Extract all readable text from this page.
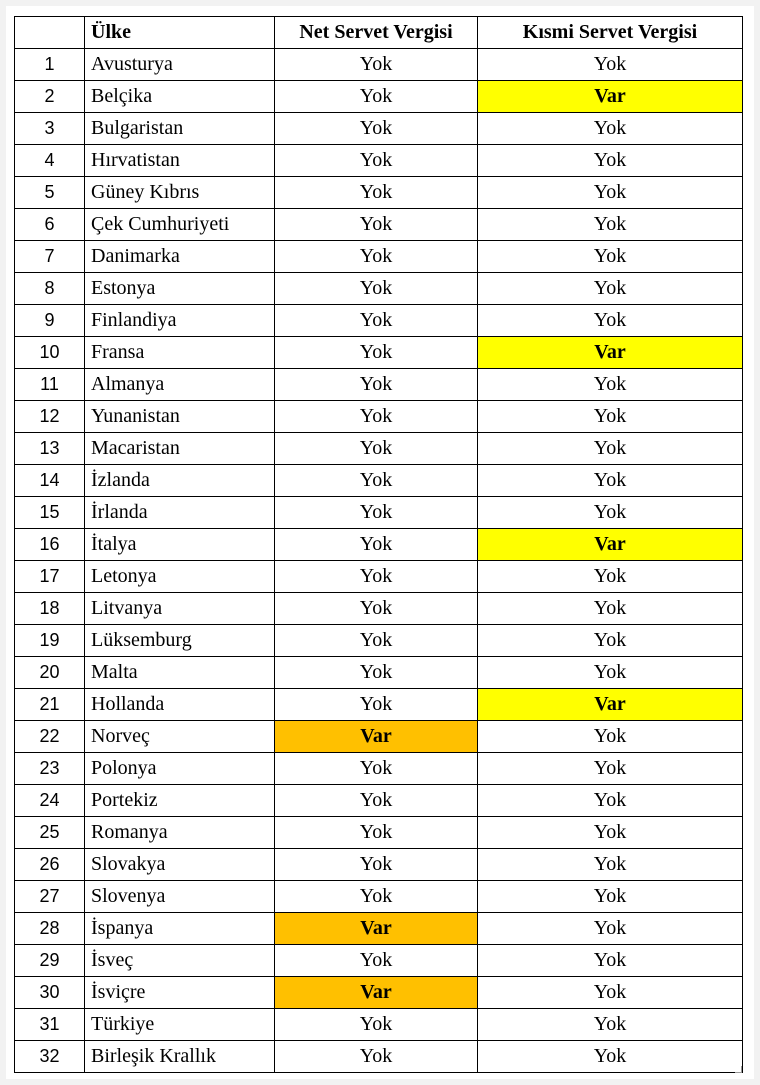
	Ülke	Net Servet Vergisi	Kısmi Servet Vergisi
1	Avusturya	Yok	Yok
2	Belçika	Yok	Var
3	Bulgaristan	Yok	Yok
4	Hırvatistan	Yok	Yok
5	Güney Kıbrıs	Yok	Yok
6	Çek Cumhuriyeti	Yok	Yok
7	Danimarka	Yok	Yok
8	Estonya	Yok	Yok
9	Finlandiya	Yok	Yok
10	Fransa	Yok	Var
11	Almanya	Yok	Yok
12	Yunanistan	Yok	Yok
13	Macaristan	Yok	Yok
14	İzlanda	Yok	Yok
15	İrlanda	Yok	Yok
16	İtalya	Yok	Var
17	Letonya	Yok	Yok
18	Litvanya	Yok	Yok
19	Lüksemburg	Yok	Yok
20	Malta	Yok	Yok
21	Hollanda	Yok	Var
22	Norveç	Var	Yok
23	Polonya	Yok	Yok
24	Portekiz	Yok	Yok
25	Romanya	Yok	Yok
26	Slovakya	Yok	Yok
27	Slovenya	Yok	Yok
28	İspanya	Var	Yok
29	İsveç	Yok	Yok
30	İsviçre	Var	Yok
31	Türkiye	Yok	Yok
32	Birleşik Krallık	Yok	Yok
